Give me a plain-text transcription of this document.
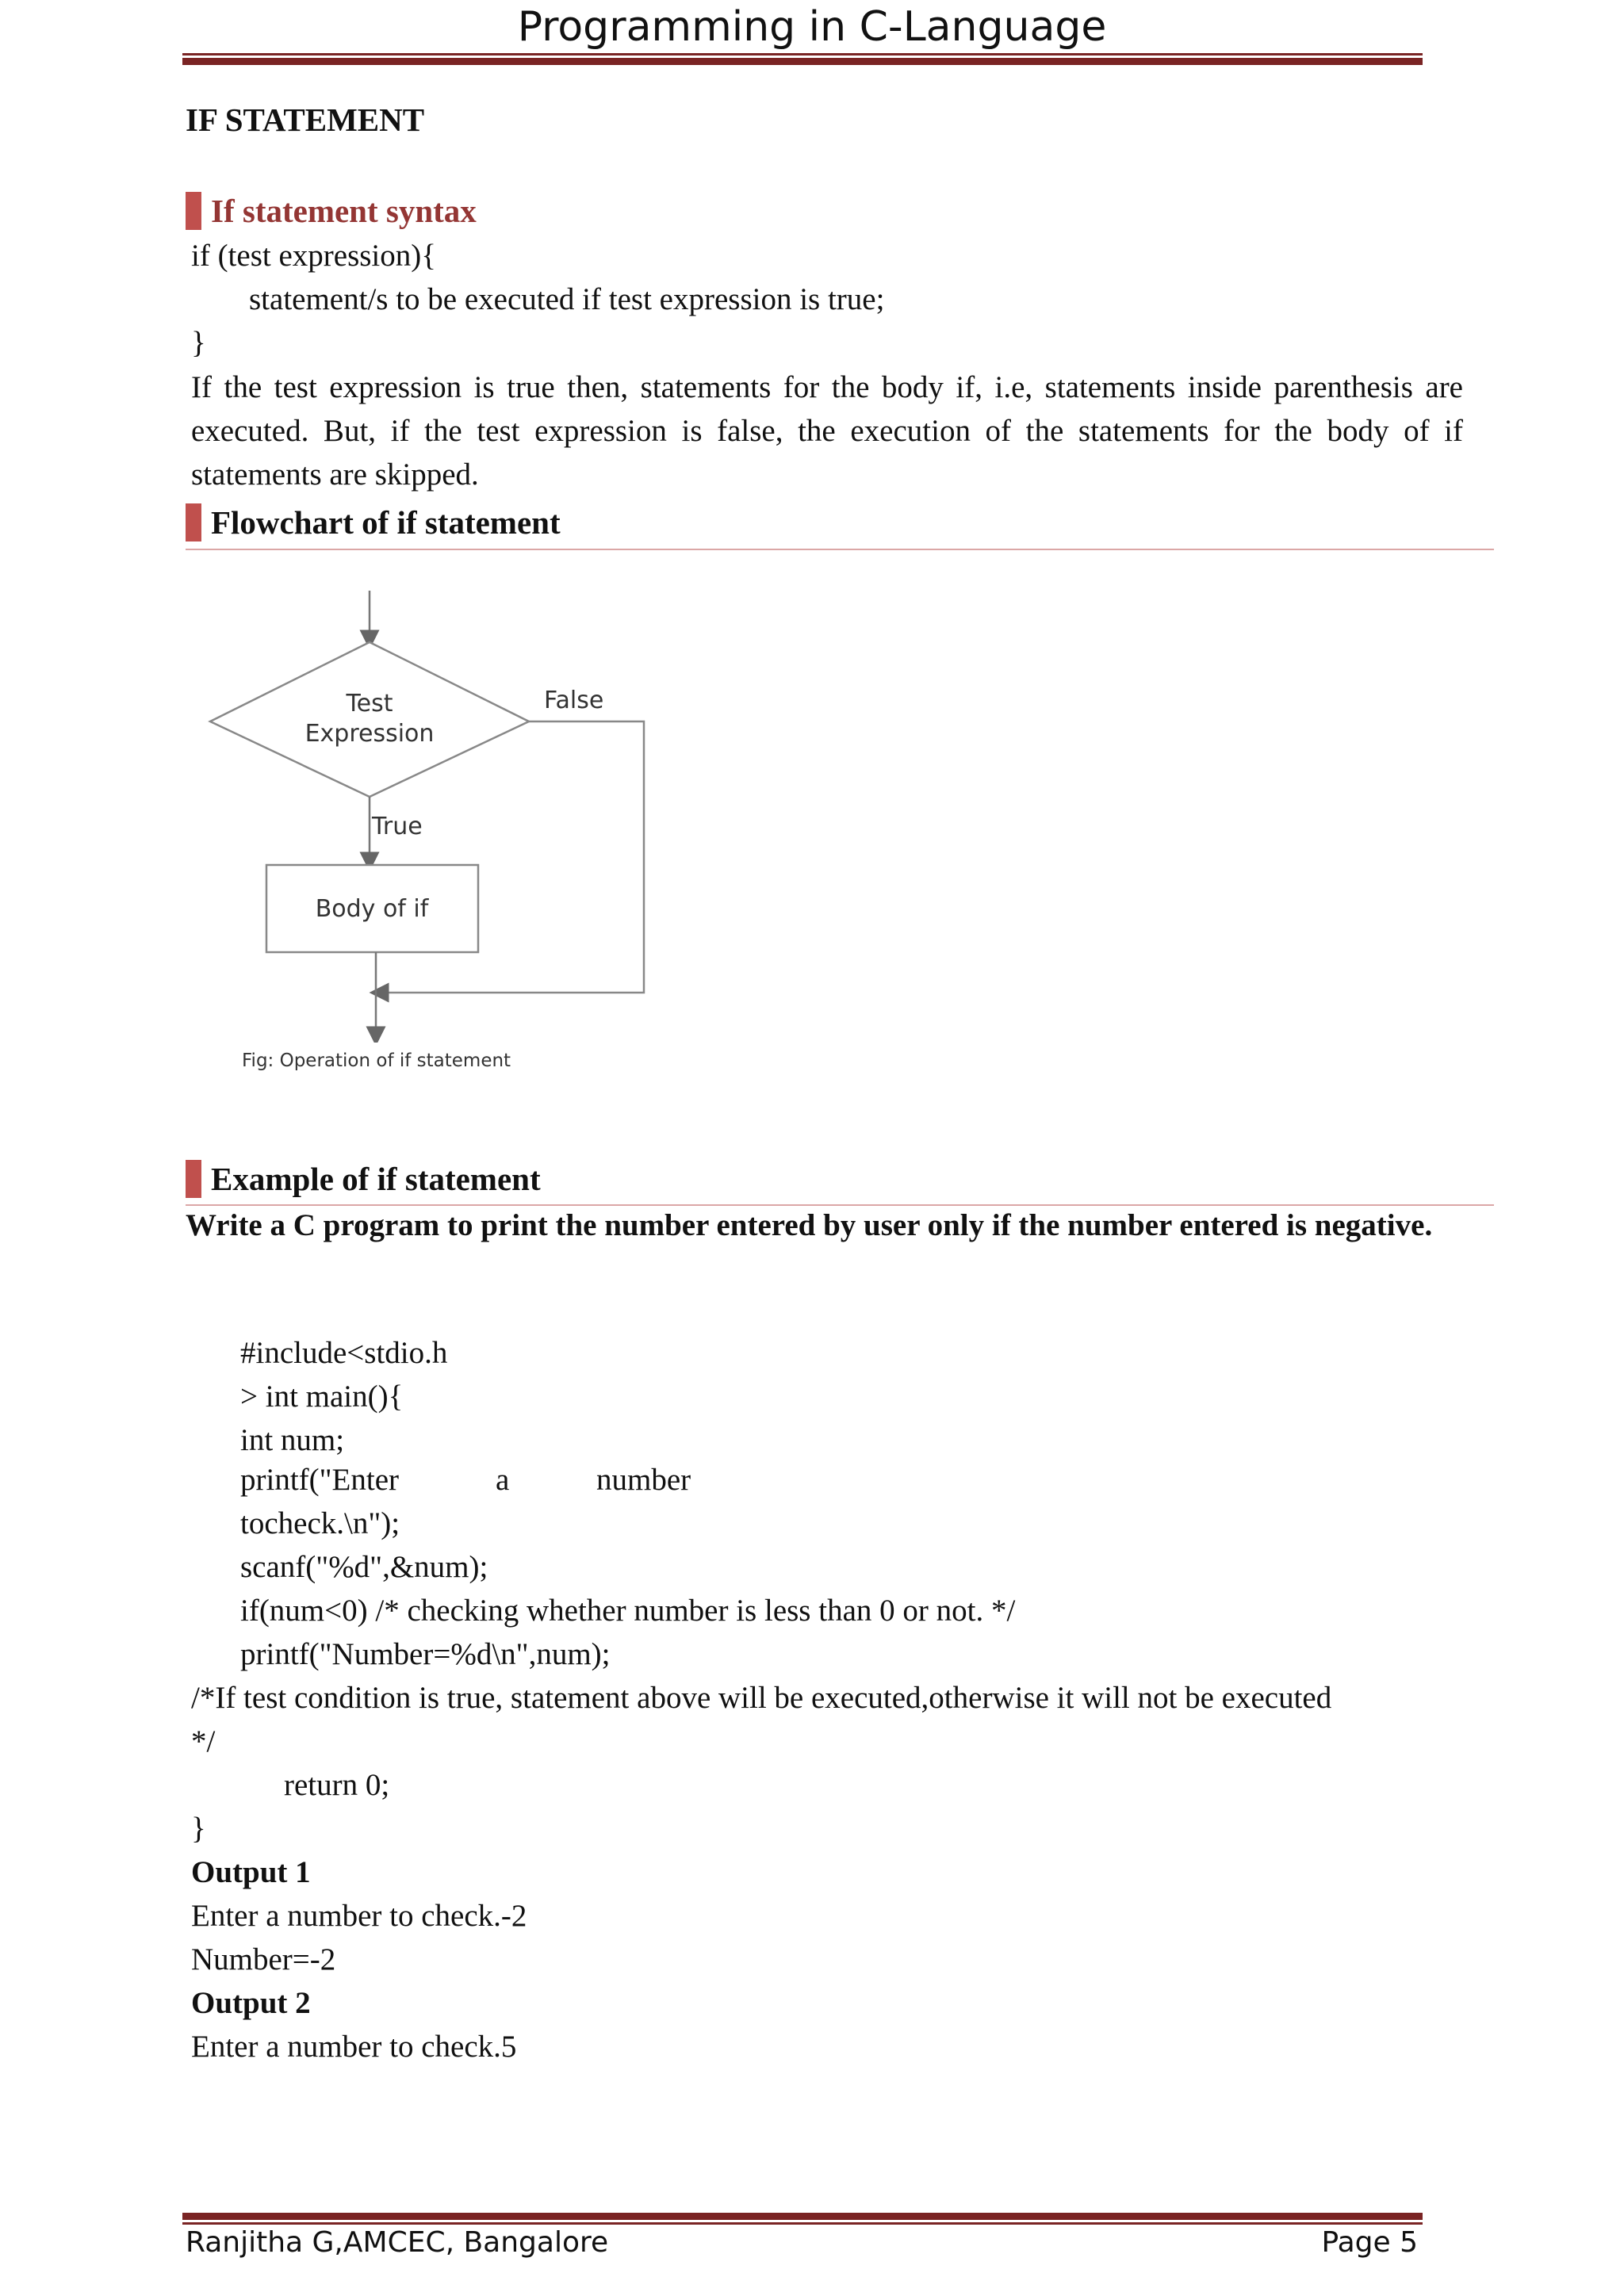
Programming in C-Language
IF STATEMENT
If statement syntax
if (test expression){
statement/s to be executed if test expression is true;
}
If the test expression is true then, statements for the body if, i.e, statements inside parenthesis are executed. But, if the test expression is false, the execution of the statements for the body of if statements are skipped.
Flowchart of if statement
Test
Expression
False
True
Body of if
Fig: Operation of if statement
Example of if statement
Write a C program to print the number entered by user only if the number entered is negative.
#include<stdio.h
> int main(){
int num;
printf("Enter	a	number
tocheck.\n");
scanf("%d",&num);
if(num<0) /* checking whether number is less than 0 or not. */
printf("Number=%d\n",num);
/*If test condition is true, statement above will be executed,otherwise it will not be executed
*/
return 0;
}
Output 1
Enter a number to check.-2
Number=-2
Output 2
Enter a number to check.5
Ranjitha G,AMCEC, Bangalore	Page 5
